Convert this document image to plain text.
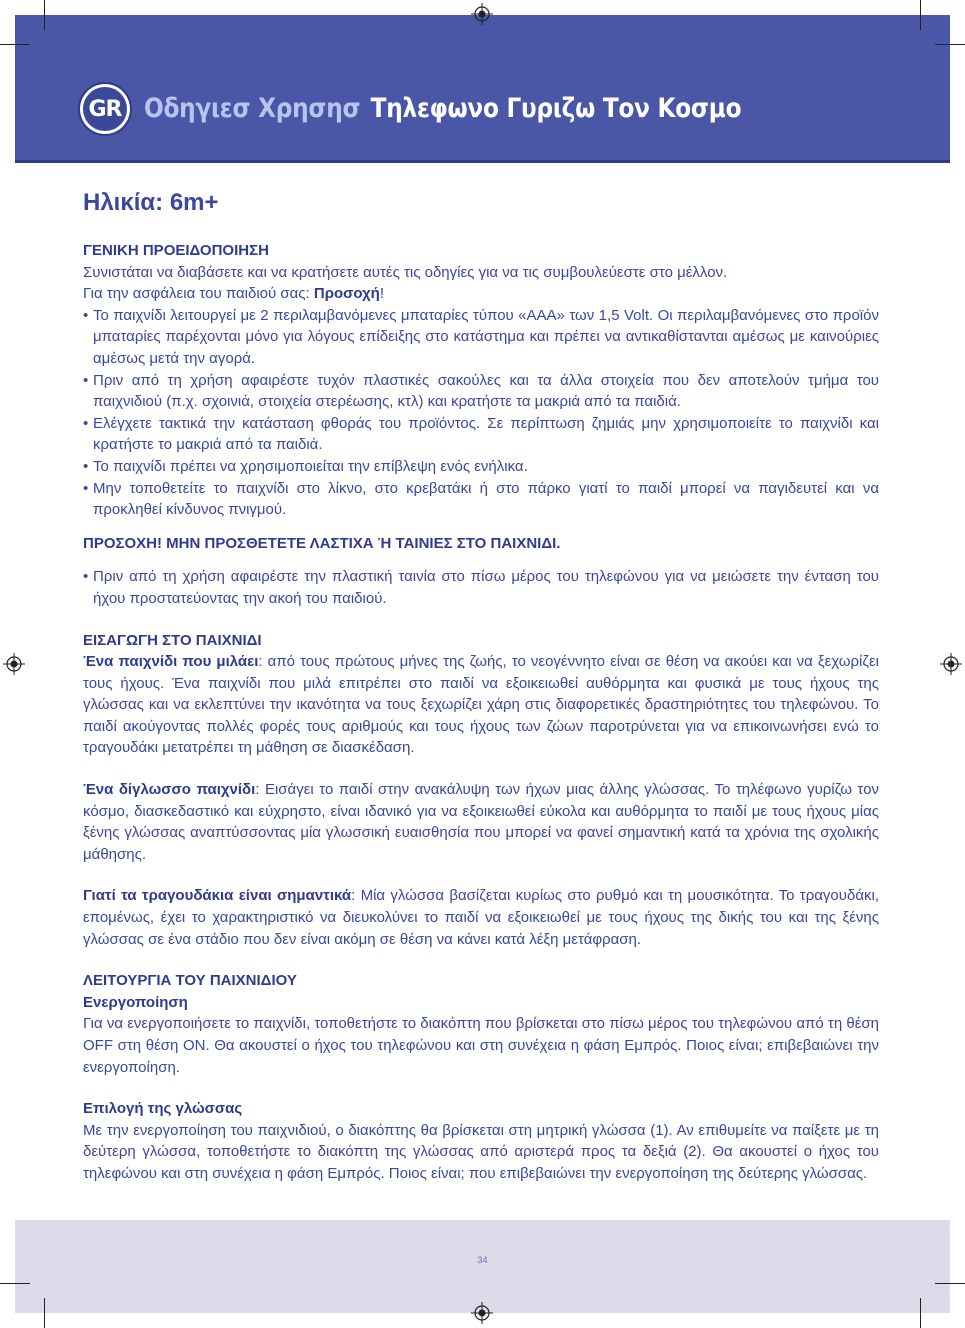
GR Οδηγιεσ Χρησησ Τηλεφωνο Γυριζω Τον Κοσμο
Ηλικία: 6m+
ΓΕΝΙΚΗ ΠΡΟΕΙΔΟΠΟΙΗΣΗ

Συνιστάται να διαβάσετε και να κρατήσετε αυτές τις οδηγίες για να τις συμβουλεύεστε στο μέλλον.

Για την ασφάλεια του παιδιού σας: Προσοχή!

• Το παιχνίδι λειτουργεί με 2 περιλαμβανόμενες μπαταρίες τύπου «AAA» των 1,5 Volt. Οι περιλαμβανόμενες στο προϊόν μπαταρίες παρέχονται μόνο για λόγους επίδειξης στο κατάστημα και πρέπει να αντικαθίστανται αμέσως με καινούριες αμέσως μετά την αγορά.
• Πριν από τη χρήση αφαιρέστε τυχόν πλαστικές σακούλες και τα άλλα στοιχεία που δεν αποτελούν τμήμα του παιχνιδιού (π.χ. σχοινιά, στοιχεία στερέωσης, κτλ) και κρατήστε τα μακριά από τα παιδιά.
• Ελέγχετε τακτικά την κατάσταση φθοράς του προϊόντος. Σε περίπτωση ζημιάς μην χρησιμοποιείτε το παιχνίδι και κρατήστε το μακριά από τα παιδιά.
• Το παιχνίδι πρέπει να χρησιμοποιείται την επίβλεψη ενός ενήλικα.
• Μην τοποθετείτε το παιχνίδι στο λίκνο, στο κρεβατάκι ή στο πάρκο γιατί το παιδί μπορεί να παγιδευτεί και να προκληθεί κίνδυνος πνιγμού.
ΠΡΟΣΟΧΗ! ΜΗΝ ΠΡΟΣΘΕΤΕΤΕ ΛΑΣΤΙΧΑ Ή ΤΑΙΝΙΕΣ ΣΤΟ ΠΑΙΧΝΙΔΙ.
• Πριν από τη χρήση αφαιρέστε την πλαστική ταινία στο πίσω μέρος του τηλεφώνου για να μειώσετε την ένταση του ήχου προστατεύοντας την ακοή του παιδιού.
ΕΙΣΑΓΩΓΗ ΣΤΟ ΠΑΙΧΝΙΔΙ

Ένα παιχνίδι που μιλάει: από τους πρώτους μήνες της ζωής, το νεογέννητο είναι σε θέση να ακούει και να ξεχωρίζει τους ήχους. Ένα παιχνίδι που μιλά επιτρέπει στο παιδί να εξοικειωθεί αυθόρμητα και φυσικά με τους ήχους της γλώσσας και να εκλεπτύνει την ικανότητα να τους ξεχωρίζει χάρη στις διαφορετικές δραστηριότητες του τηλεφώνου. Το παιδί ακούγοντας πολλές φορές τους αριθμούς και τους ήχους των ζώων παροτρύνεται για να επικοινωνήσει ενώ το τραγουδάκι μετατρέπει τη μάθηση σε διασκέδαση.

Ένα δίγλωσσο παιχνίδι: Εισάγει το παιδί στην ανακάλυψη των ήχων μιας άλλης γλώσσας. Το τηλέφωνο γυρίζω τον κόσμο, διασκεδαστικό και εύχρηστο, είναι ιδανικό για να εξοικειωθεί εύκολα και αυθόρμητα το παιδί με τους ήχους μίας ξένης γλώσσας αναπτύσσοντας μία γλωσσική ευαισθησία που μπορεί να φανεί σημαντική κατά τα χρόνια της σχολικής μάθησης.

Γιατί τα τραγουδάκια είναι σημαντικά: Μία γλώσσα βασίζεται κυρίως στο ρυθμό και τη μουσικότητα. Το τραγουδάκι, επομένως, έχει το χαρακτηριστικό να διευκολύνει το παιδί να εξοικειωθεί με τους ήχους της δικής του και της ξένης γλώσσας σε ένα στάδιο που δεν είναι ακόμη σε θέση να κάνει κατά λέξη μετάφραση.

ΛΕΙΤΟΥΡΓΙΑ ΤΟΥ ΠΑΙΧΝΙΔΙΟΥ
Ενεργοποίηση

Για να ενεργοποιήσετε το παιχνίδι, τοποθετήστε το διακόπτη που βρίσκεται στο πίσω μέρος του τηλεφώνου από τη θέση OFF στη θέση ON. Θα ακουστεί ο ήχος του τηλεφώνου και στη συνέχεια η φάση Εμπρός. Ποιος είναι; επιβεβαιώνει την ενεργοποίηση.

Επιλογή της γλώσσας

Με την ενεργοποίηση του παιχνιδιού, ο διακόπτης θα βρίσκεται στη μητρική γλώσσα (1). Αν επιθυμείτε να παίξετε με τη δεύτερη γλώσσα, τοποθετήστε το διακόπτη της γλώσσας από αριστερά προς τα δεξιά (2). Θα ακουστεί ο ήχος του τηλεφώνου και στη συνέχεια η φάση Εμπρός. Ποιος είναι; που επιβεβαιώνει την ενεργοποίηση της δεύτερης γλώσσας.

34
